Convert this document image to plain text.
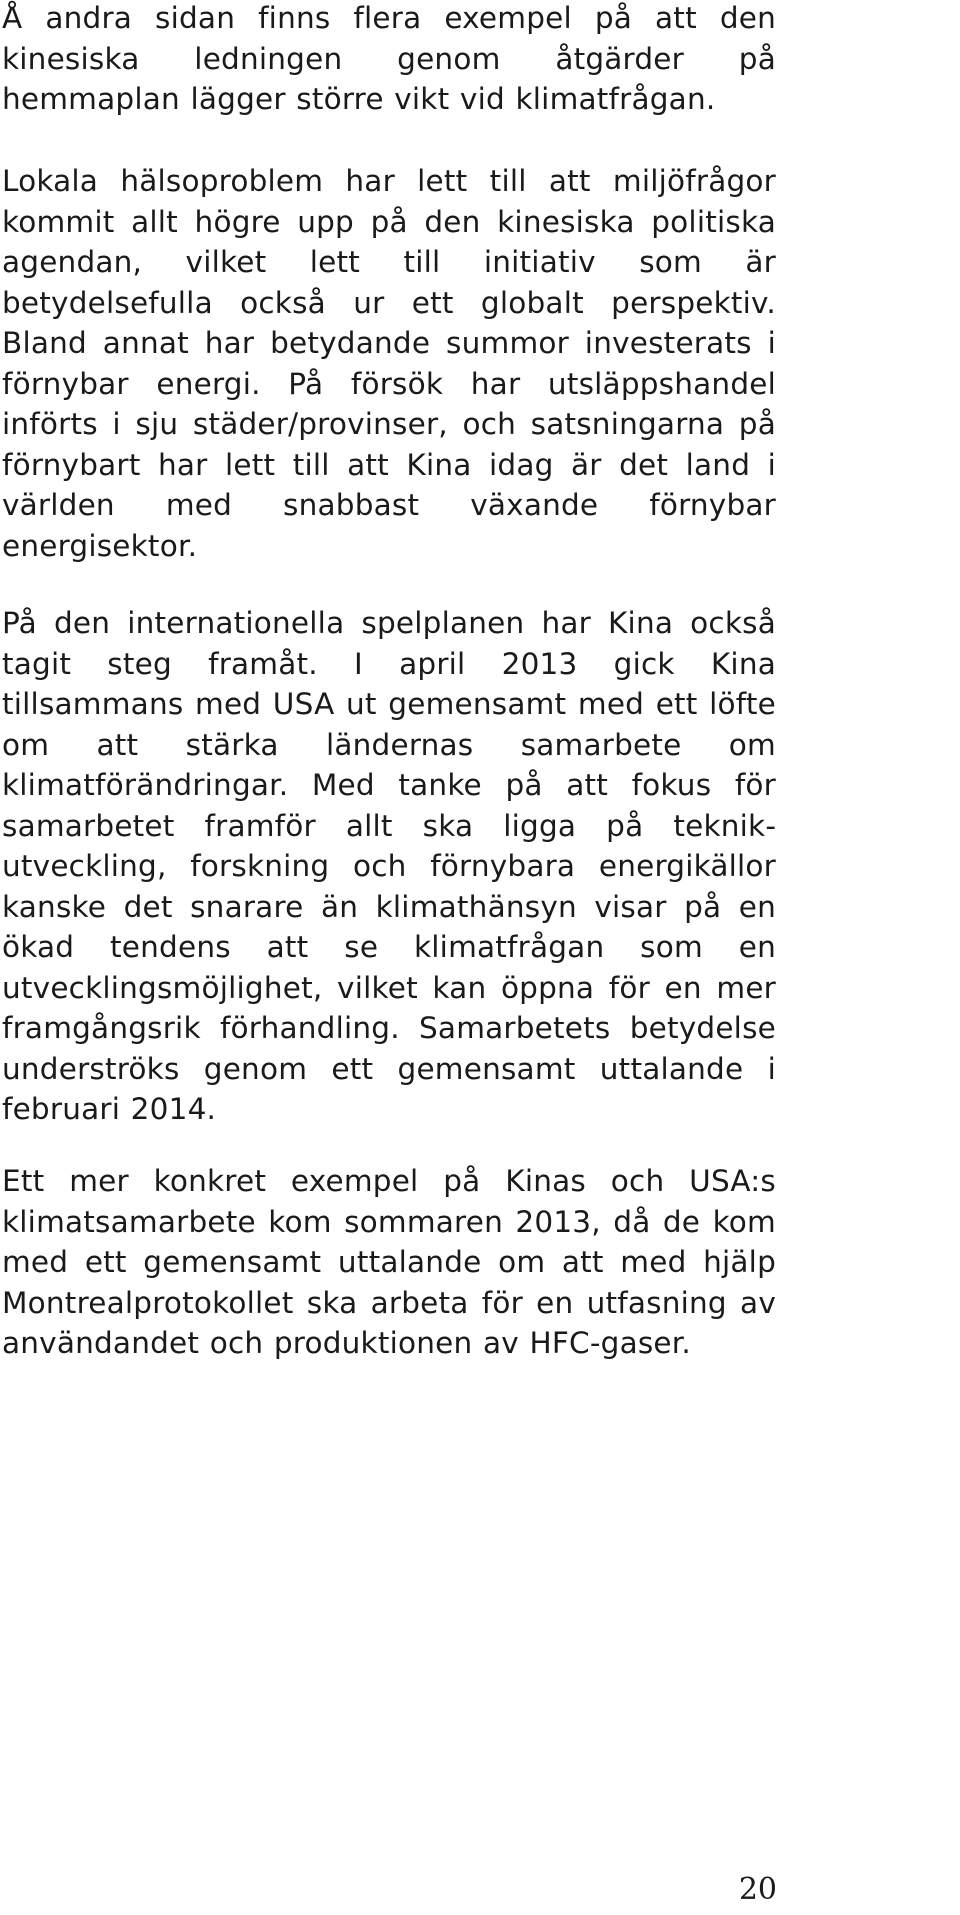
Å andra sidan finns flera exempel på att den kinesiska ledningen genom åtgärder på hemmaplan lägger större vikt vid klimatfrågan.

Lokala hälsoproblem har lett till att miljöfrågor kommit allt högre upp på den kinesiska politiska agendan, vilket lett till initiativ som är betydelsefulla också ur ett globalt perspektiv. Bland annat har betydande summor investerats i förnybar energi. På försök har utsläppshandel införts i sju städer/provinser, och satsningarna på förnybart har lett till att Kina idag är det land i världen med snabbast växande förnybar energisektor.

På den internationella spelplanen har Kina också tagit steg framåt. I april 2013 gick Kina tillsammans med USA ut gemensamt med ett löfte om att stärka ländernas samarbete om klimatförändringar. Med tanke på att fokus för samarbetet framför allt ska ligga på teknikutveckling, forskning och förnybara energikällor kanske det snarare än klimathänsyn visar på en ökad tendens att se klimatfrågan som en utvecklingsmöjlighet, vilket kan öppna för en mer framgångsrik förhandling. Samarbetets betydelse underströks genom ett gemensamt uttalande i februari 2014.

Ett mer konkret exempel på Kinas och USA:s klimatsamarbete kom sommaren 2013, då de kom med ett gemensamt uttalande om att med hjälp Montrealprotokollet ska arbeta för en utfasning av användandet och produktionen av HFC-gaser.

20
